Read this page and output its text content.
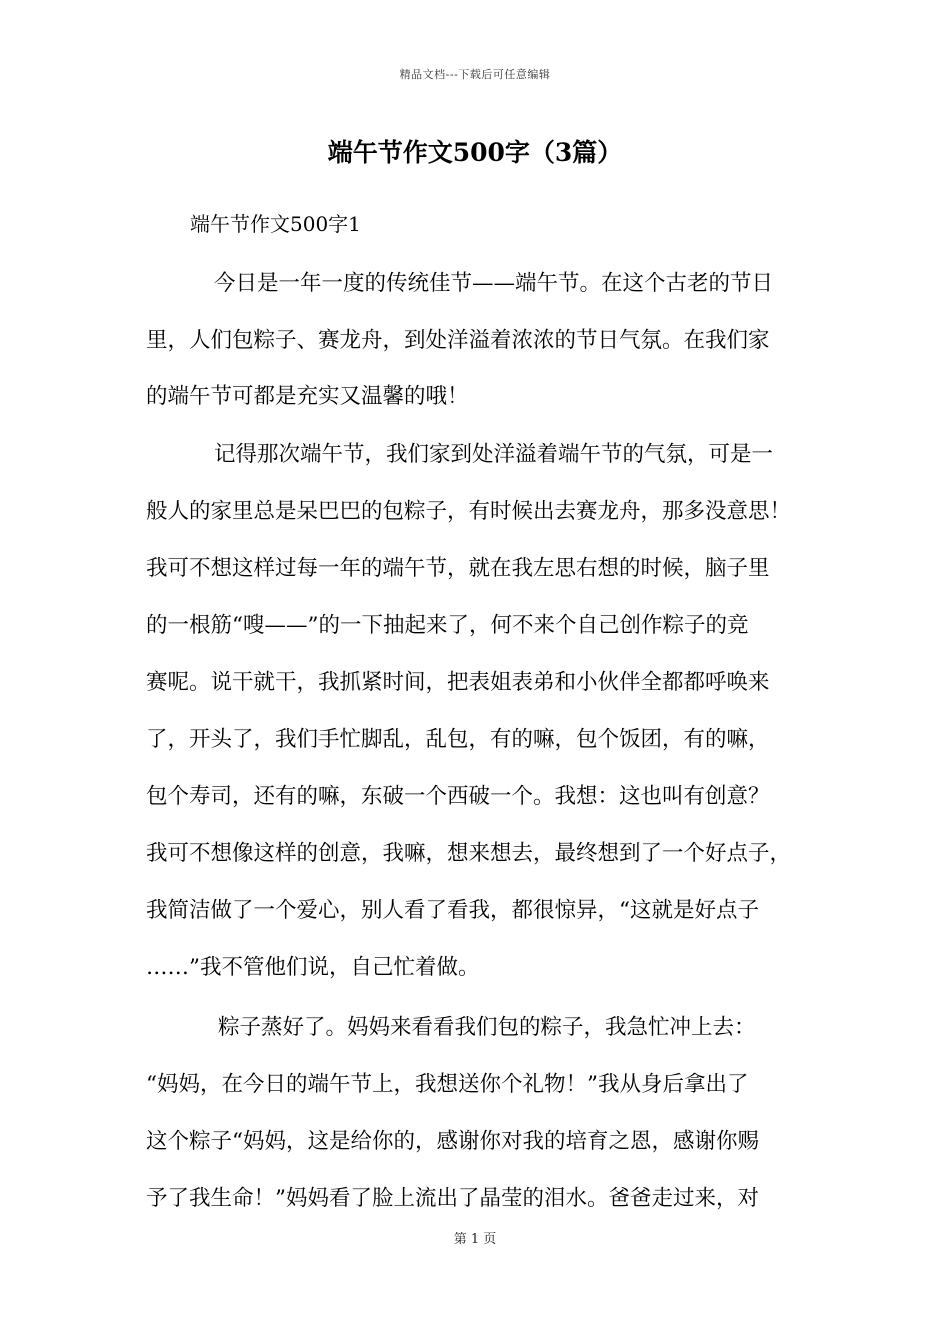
精品文档---下载后可任意编辑
端午节作文500字（3篇）
端午节作文500字1
今日是一年一度的传统佳节——端午节。在这个古老的节日
里，人们包粽子、赛龙舟，到处洋溢着浓浓的节日气氛。在我们家
的端午节可都是充实又温馨的哦！
记得那次端午节，我们家到处洋溢着端午节的气氛，可是一
般人的家里总是呆巴巴的包粽子，有时候出去赛龙舟，那多没意思！
我可不想这样过每一年的端午节，就在我左思右想的时候，脑子里
的一根筋“嗖——”的一下抽起来了，何不来个自己创作粽子的竞
赛呢。说干就干，我抓紧时间，把表姐表弟和小伙伴全都都呼唤来
了，开头了，我们手忙脚乱，乱包，有的嘛，包个饭团，有的嘛，
包个寿司，还有的嘛，东破一个西破一个。我想：这也叫有创意？
我可不想像这样的创意，我嘛，想来想去，最终想到了一个好点子，
我简洁做了一个爱心，别人看了看我，都很惊异，“这就是好点子
……”我不管他们说，自己忙着做。
粽子蒸好了。妈妈来看看我们包的粽子，我急忙冲上去：
“妈妈，在今日的端午节上，我想送你个礼物！”我从身后拿出了
这个粽子“妈妈，这是给你的，感谢你对我的培育之恩，感谢你赐
予了我生命！”妈妈看了脸上流出了晶莹的泪水。爸爸走过来，对
第 1 页
